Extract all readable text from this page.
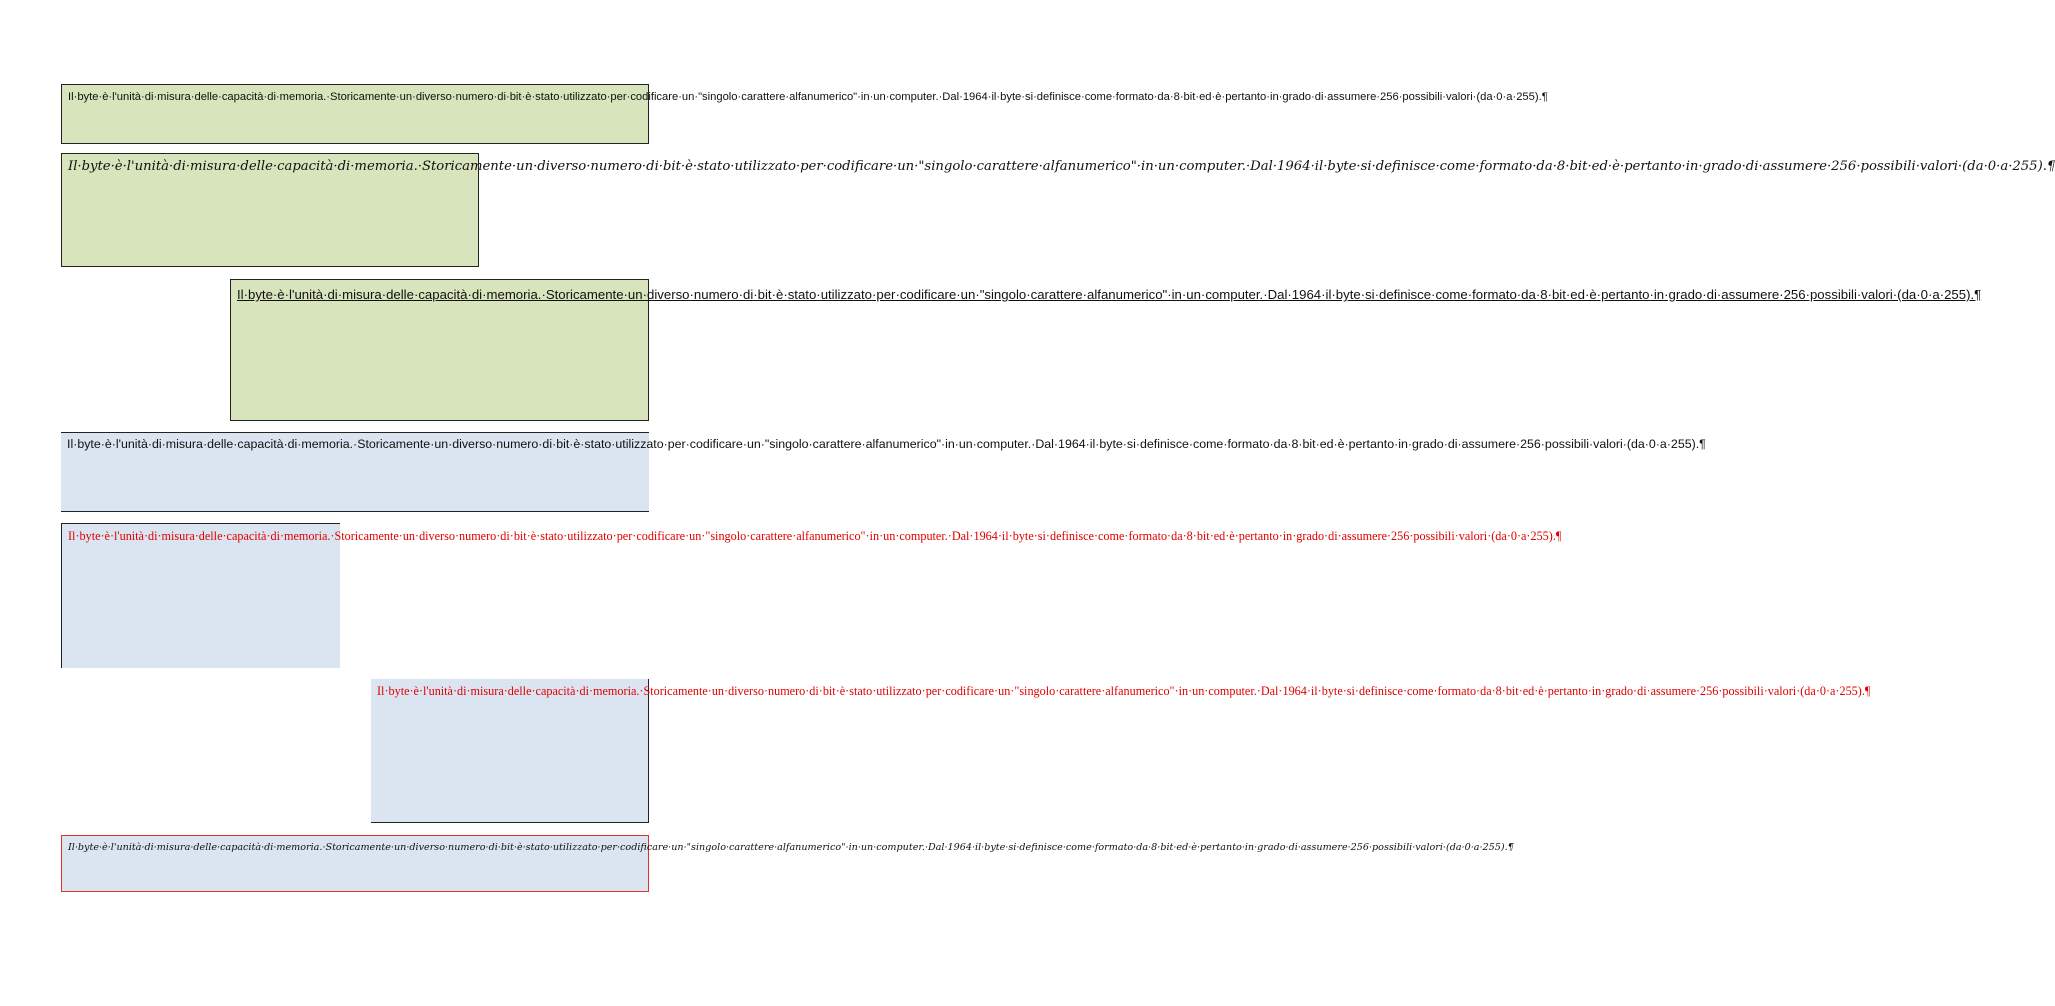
Il·byte·è·l'unità·di·misura·delle·capacità·di·memoria.·Storicamente·un·diverso·numero·di·bit·è·stato·utilizzato·per·codificare·un·"singolo·carattere·alfanumerico"·in·un·computer.·Dal·1964·il·byte·si·definisce·come·formato·da·8·bit·ed·è·pertanto·in·grado·di·assumere·256·possibili·valori·(da·0·a·255).¶

Il·byte·è·l'unità·di·misura·delle·capacità·di·memoria.·Storicamente·un·diverso·numero·di·bit·è·stato·utilizzato·per·codificare·un·"singolo·carattere·alfanumerico"·in·un·computer.·Dal·1964·il·byte·si·definisce·come·formato·da·8·bit·ed·è·pertanto·in·grado·di·assumere·256·possibili·valori·(da·0·a·255).¶

Il·byte·è·l'unità·di·misura·delle·capacità·di·memoria.·Storicamente·un·diverso·numero·di·bit·è·stato·utilizzato·per·codificare·un·"singolo·carattere·alfanumerico"·in·un·computer.·Dal·1964·il·byte·si·definisce·come·formato·da·8·bit·ed·è·pertanto·in·grado·di·assumere·256·possibili·valori·(da·0·a·255).¶

Il·byte·è·l'unità·di·misura·delle·capacità·di·memoria.·Storicamente·un·diverso·numero·di·bit·è·stato·utilizzato·per·codificare·un·"singolo·carattere·alfanumerico"·in·un·computer.·Dal·1964·il·byte·si·definisce·come·formato·da·8·bit·ed·è·pertanto·in·grado·di·assumere·256·possibili·valori·(da·0·a·255).¶

Il·byte·è·l'unità·di·misura·delle·capacità·di·memoria.·Storicamente·un·diverso·numero·di·bit·è·stato·utilizzato·per·codificare·un·"singolo·carattere·alfanumerico"·in·un·computer.·Dal·1964·il·byte·si·definisce·come·formato·da·8·bit·ed·è·pertanto·in·grado·di·assumere·256·possibili·valori·(da·0·a·255).¶

Il·byte·è·l'unità·di·misura·delle·capacità·di·memoria.·Storicamente·un·diverso·numero·di·bit·è·stato·utilizzato·per·codificare·un·"singolo·carattere·alfanumerico"·in·un·computer.·Dal·1964·il·byte·si·definisce·come·formato·da·8·bit·ed·è·pertanto·in·grado·di·assumere·256·possibili·valori·(da·0·a·255).¶

Il·byte·è·l'unità·di·misura·delle·capacità·di·memoria.·Storicamente·un·diverso·numero·di·bit·è·stato·utilizzato·per·codificare·un·"singolo·carattere·alfanumerico"·in·un·computer.·Dal·1964·il·byte·si·definisce·come·formato·da·8·bit·ed·è·pertanto·in·grado·di·assumere·256·possibili·valori·(da·0·a·255).¶
